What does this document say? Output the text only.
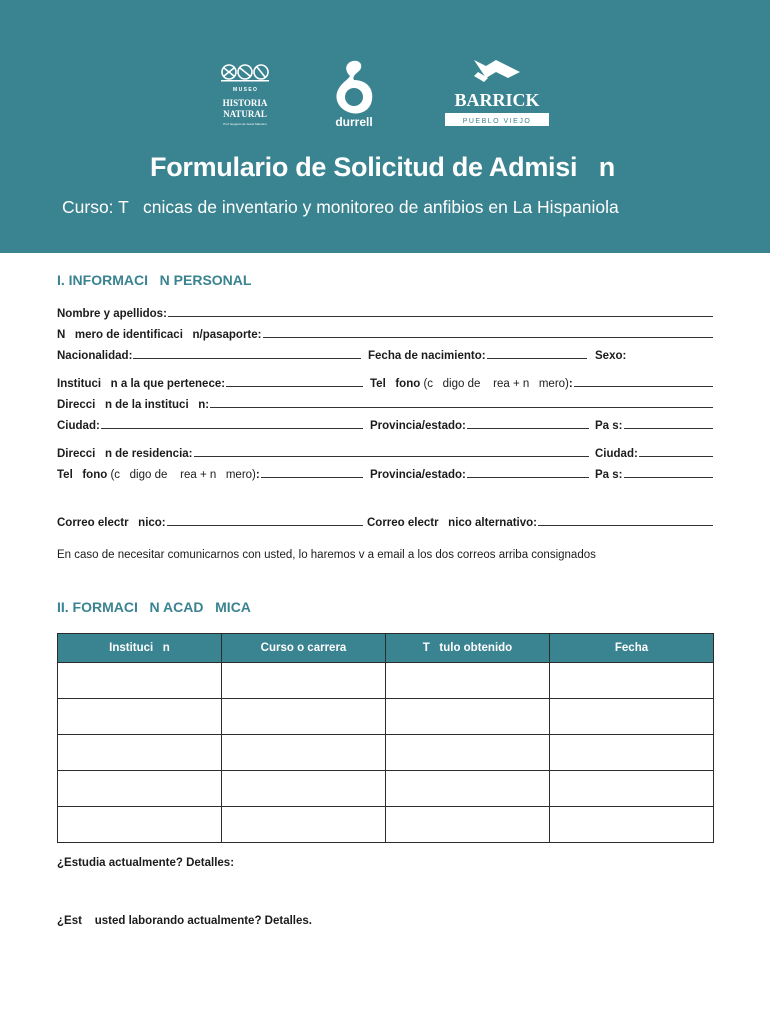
M U S E O
HISTORIA
NATURAL
Prof. Eugenio de Jesús Marcano	durrell
BARRICK
PUEBLO VIEJO
Formulario de Solicitud de Admisi   n
Curso: T   cnicas de inventario y monitoreo de anfibios en La Hispaniola
I. INFORMACI   N PERSONAL
Nombre y apellidos:
N   mero de identificaci   n/pasaporte:
Nacionalidad:	Fecha de nacimiento:	Sexo:
Instituci   n a la que pertenece:	Tel   fono (c   digo de    rea + n   mero):
Direcci   n de la instituci   n:
Ciudad:	Provincia/estado:	Pa s:
Direcci   n de residencia:	Ciudad:
Tel   fono (c   digo de    rea + n   mero):	Provincia/estado:	Pa s:
Correo electr   nico:	Correo electr   nico alternativo:
En caso de necesitar comunicarnos con usted, lo haremos v a email a los dos correos arriba consignados
II. FORMACI   N ACAD   MICA
Instituci   n	Curso o carrera	T   tulo obtenido	Fecha

¿Estudia actualmente? Detalles:
¿Est    usted laborando actualmente? Detalles.
